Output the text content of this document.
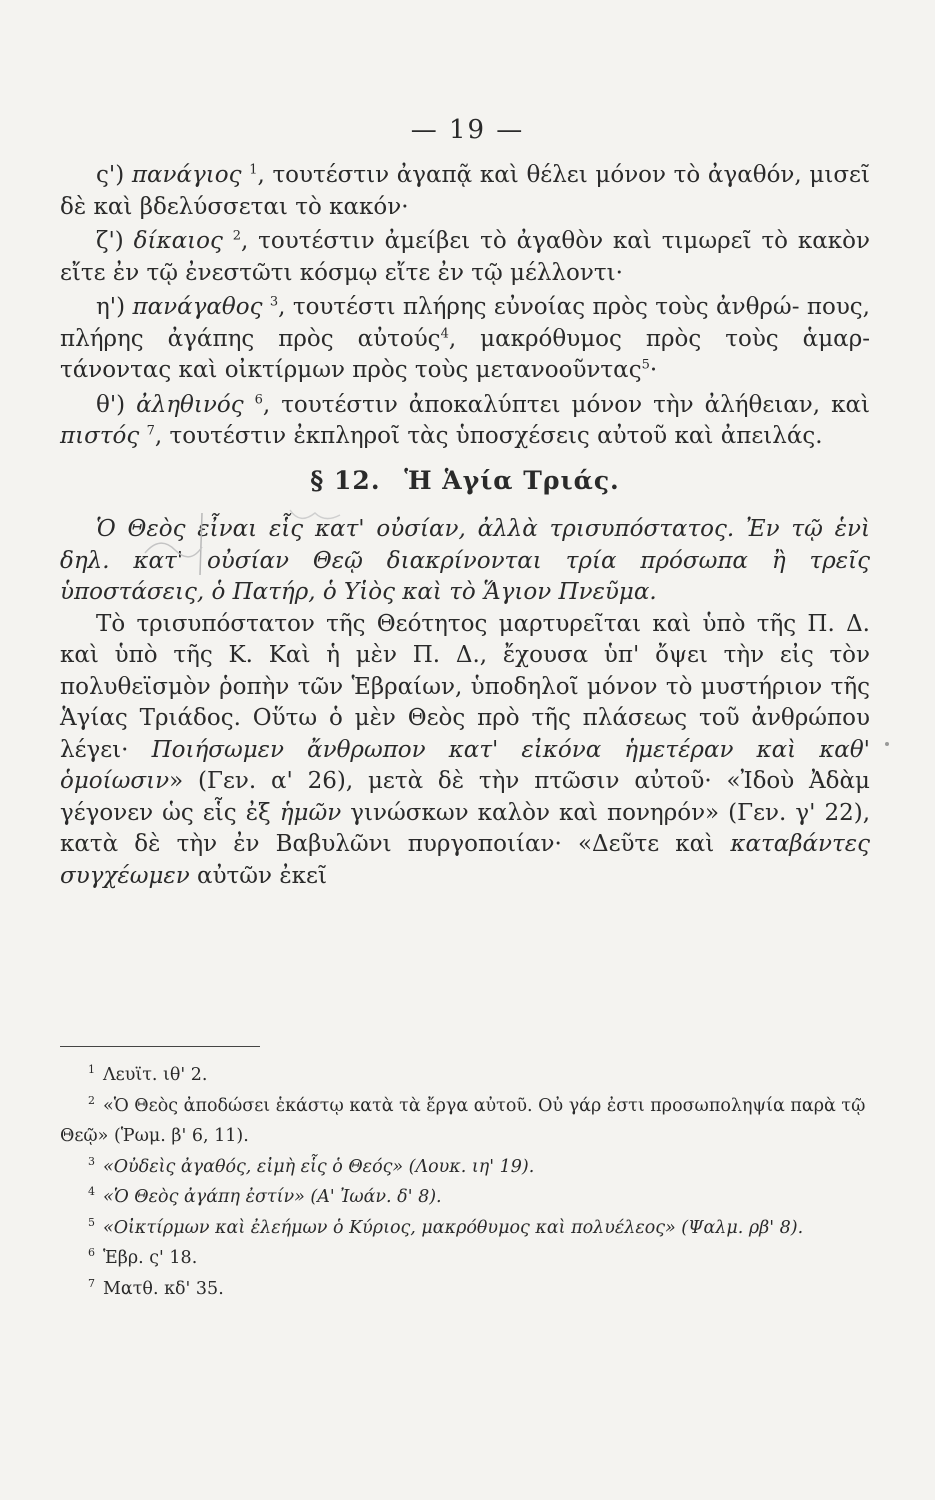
— 19 —

ς') πανάγιος $^1$, τουτέστιν ἀγαπᾷ καὶ θέλει μόνον τὸ ἀγαθόν, μισεῖ δὲ καὶ βδελύσσεται τὸ κακόν·

ζ') δίκαιος $^2$, τουτέστιν ἀμείβει τὸ ἀγαθὸν καὶ τιμωρεῖ τὸ κακὸν εἴτε ἐν τῷ ἐνεστῶτι κόσμῳ εἴτε ἐν τῷ μέλλοντι·

η') πανάγαθος $^3$, τουτέστι πλήρης εὐνοίας πρὸς τοὺς ἀνθρώ- πους, πλήρης ἀγάπης πρὸς αὐτούς$^4$, μακρόθυμος πρὸς τοὺς ἁμαρ- τάνοντας καὶ οἰκτίρμων πρὸς τοὺς μετανοοῦντας$^5$·

θ') ἀληθινός $^6$, τουτέστιν ἀποκαλύπτει μόνον τὴν ἀλήθειαν, καὶ πιστός $^7$, τουτέστιν ἐκπληροῖ τὰς ὑποσχέσεις αὐτοῦ καὶ ἀπειλάς.

§ 12. Ἡ Ἁγία Τριάς.

Ὁ Θεὸς εἶναι εἷς κατ' οὐσίαν, ἀλλὰ τρισυπόστατος. Ἐν τῷ ἑνὶ δηλ. κατ' οὐσίαν Θεῷ διακρίνονται τρία πρόσωπα ἢ τρεῖς ὑποστάσεις, ὁ Πατήρ, ὁ Υἱὸς καὶ τὸ Ἅγιον Πνεῦμα.

Τὸ τρισυπόστατον τῆς Θεότητος μαρτυρεῖται καὶ ὑπὸ τῆς Π. Δ. καὶ ὑπὸ τῆς Κ. Καὶ ἡ μὲν Π. Δ., ἔχουσα ὑπ' ὄψει τὴν εἰς τὸν πολυθεϊσμὸν ῥοπὴν τῶν Ἑβραίων, ὑποδηλοῖ μόνον τὸ μυστήριον τῆς Ἁγίας Τριάδος. Οὕτω ὁ μὲν Θεὸς πρὸ τῆς πλάσεως τοῦ ἀνθρώπου λέγει· Ποιήσωμεν ἄνθρωπον κατ' εἰκόνα ἡμετέραν καὶ καθ' ὁμοίωσιν» (Γεν. α' 26), μετὰ δὲ τὴν πτῶσιν αὐτοῦ· «Ἰδοὺ Ἀδὰμ γέγονεν ὡς εἷς ἐξ ἡμῶν γινώσκων καλὸν καὶ πονηρόν» (Γεν. γ' 22), κατὰ δὲ τὴν ἐν Βαβυλῶνι πυργοποιίαν· «Δεῦτε καὶ καταβάντες συγχέωμεν αὐτῶν ἐκεῖ

$^1$ Λευϊτ. ιθ' 2.

$^2$ «Ὁ Θεὸς ἀποδώσει ἑκάστῳ κατὰ τὰ ἔργα αὐτοῦ. Οὐ γάρ ἐστι προσωποληψία παρὰ τῷ Θεῷ» (Ῥωμ. β' 6, 11).

$^3$ «Οὐδεὶς ἀγαθός, εἰμὴ εἷς ὁ Θεός» (Λουκ. ιη' 19).

$^4$ «Ὁ Θεὸς ἀγάπη ἐστίν» (Α' Ἰωάν. δ' 8).

$^5$ «Οἰκτίρμων καὶ ἐλεήμων ὁ Κύριος, μακρόθυμος καὶ πολυέλεος» (Ψαλμ. ρβ' 8).

$^6$ Ἑβρ. ς' 18.

$^7$ Ματθ. κδ' 35.
